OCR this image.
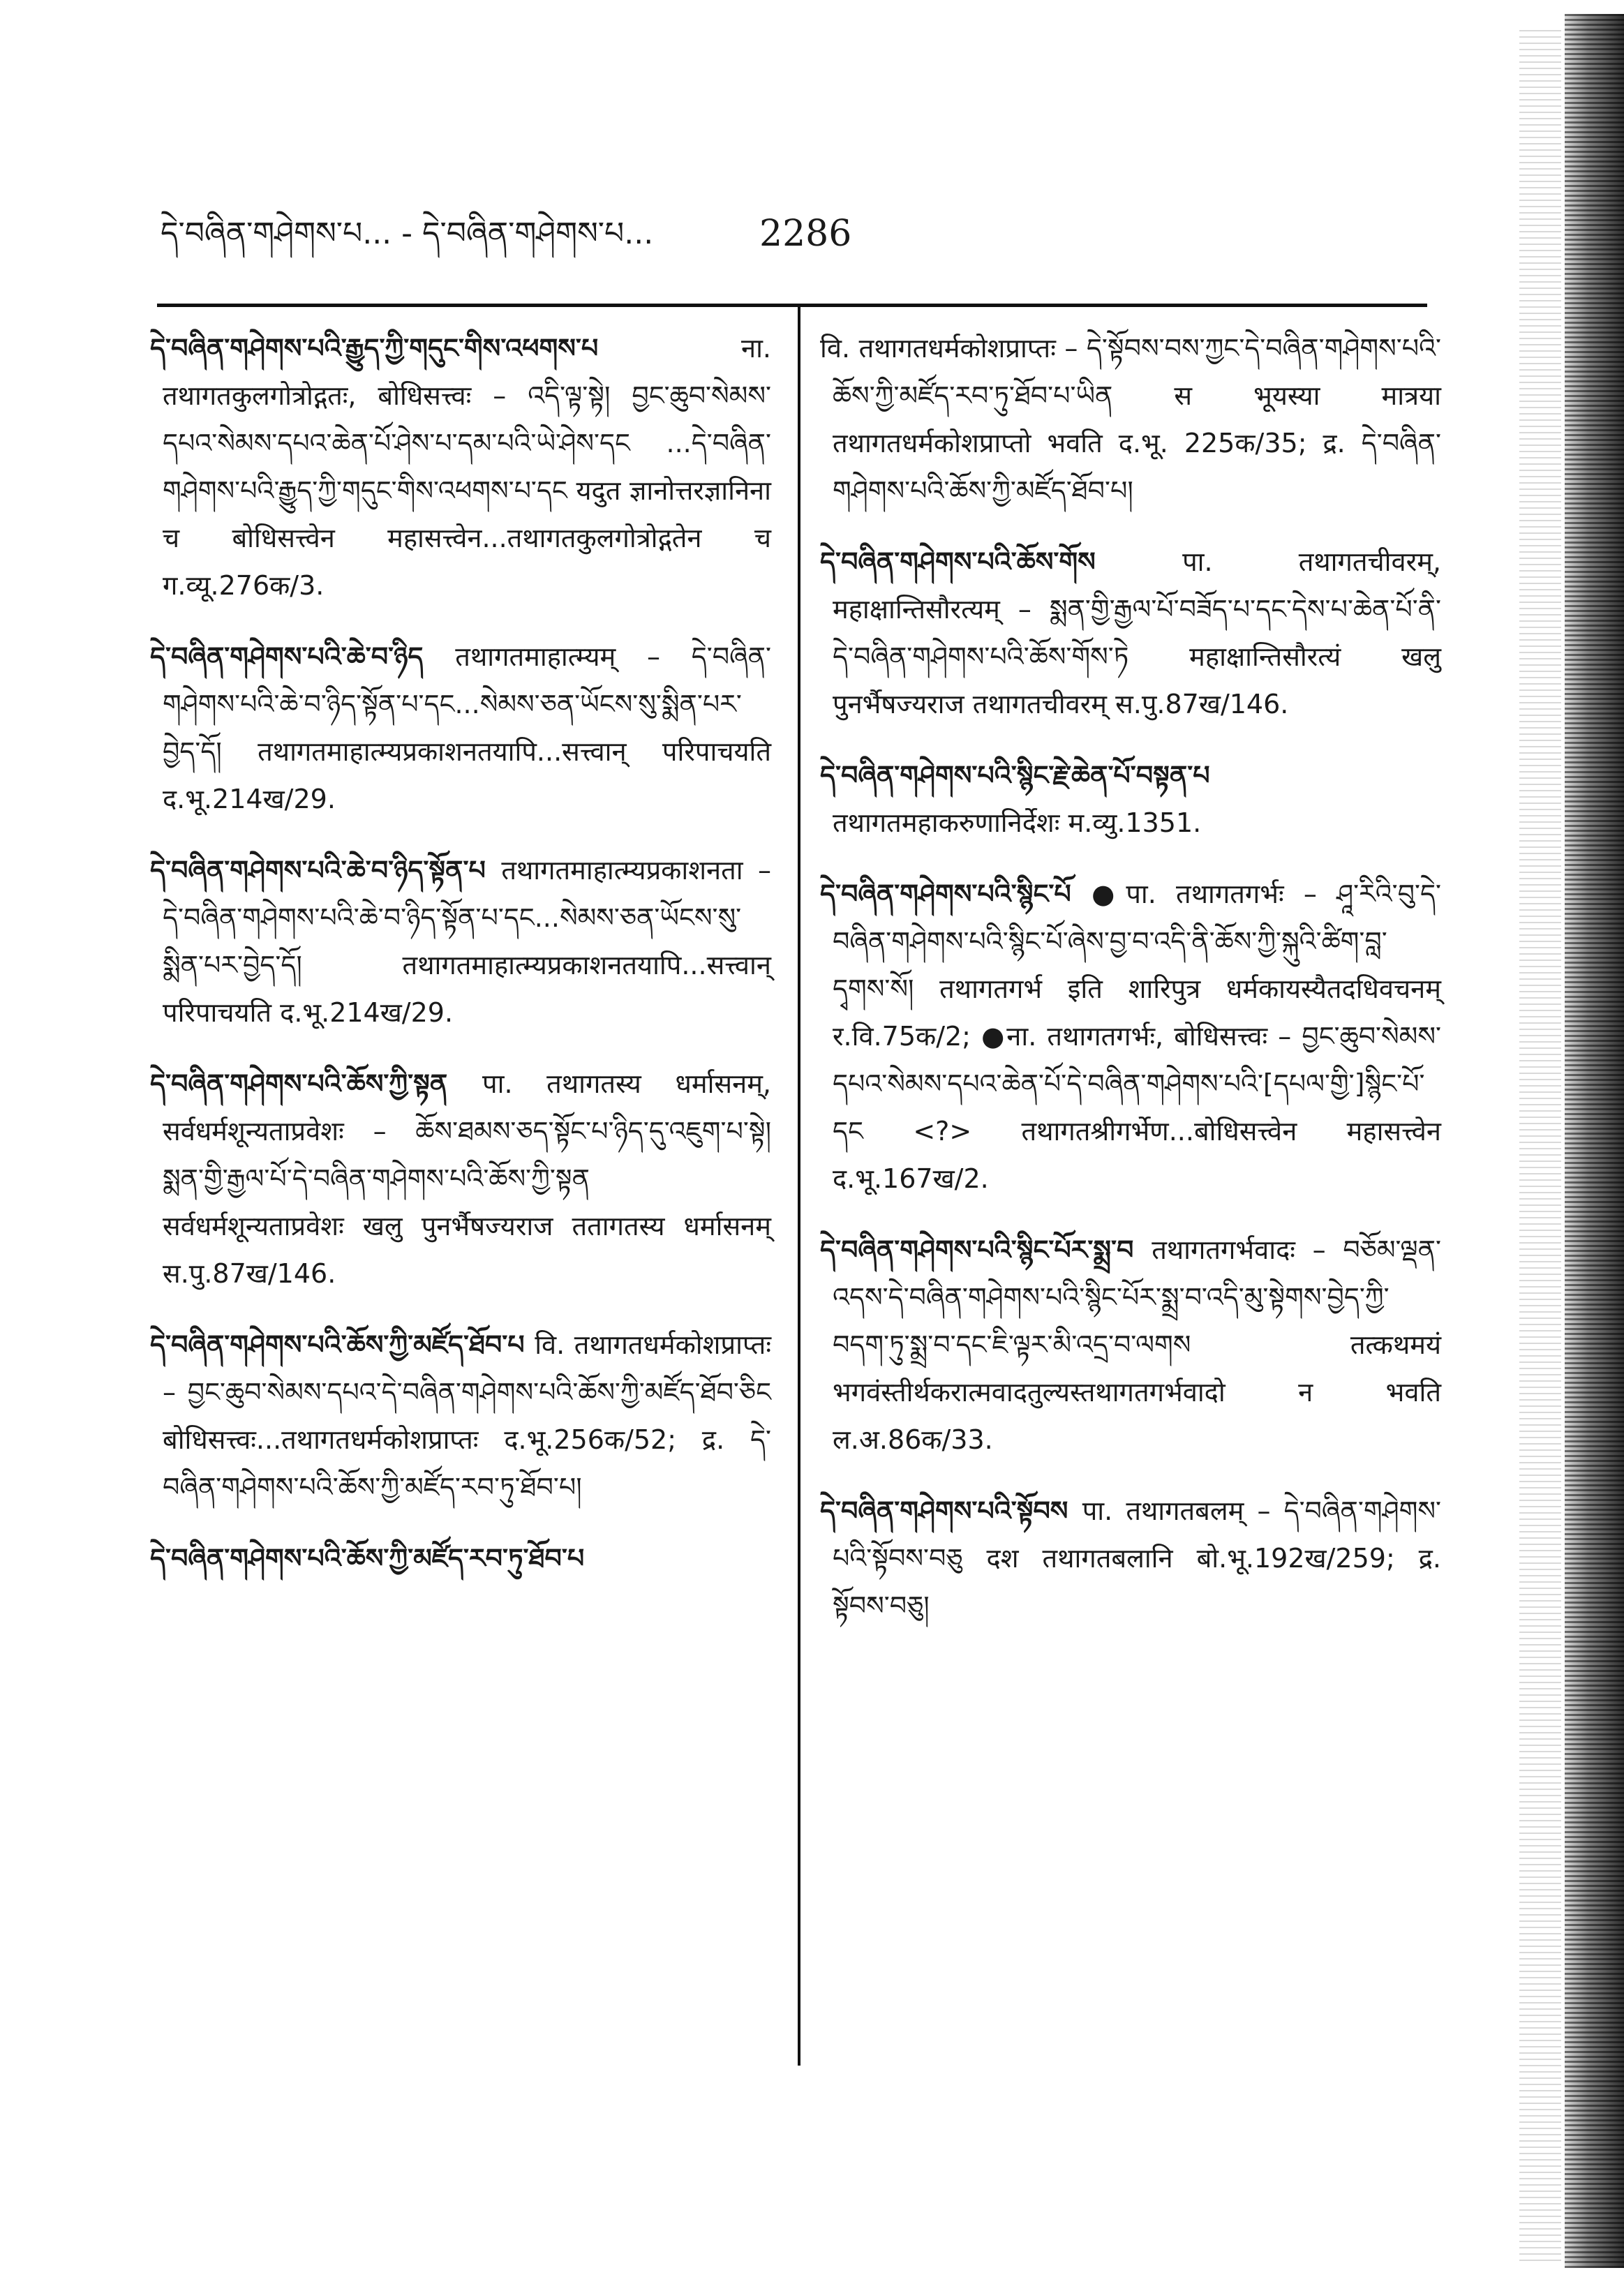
དེ་བཞིན་གཤེགས་པ... - དེ་བཞིན་གཤེགས་པ...	2286
དེ་བཞིན་གཤེགས་པའི་རྒྱུད་ཀྱི་གདུང་གིས་འཕགས་པ ना. तथागतकुलगोत्रोद्गतः, बोधिसत्त्वः – འདི་ལྟ་སྟེ། བྱང་ཆུབ་སེམས་དཔའ་སེམས་དཔའ་ཆེན་པོ་ཤེས་པ་དམ་པའི་ཡེ་ཤེས་དང ...དེ་བཞིན་གཤེགས་པའི་རྒྱུད་ཀྱི་གདུང་གིས་འཕགས་པ་དང यदुत ज्ञानोत्तरज्ञानिना च बोधिसत्त्वेन महासत्त्वेन...तथागतकुलगोत्रोद्गतेन च ग.व्यू.276क/3.
དེ་བཞིན་གཤེགས་པའི་ཆེ་བ་ཉིད तथागतमाहात्म्यम् – དེ་བཞིན་གཤེགས་པའི་ཆེ་བ་ཉིད་སྟོན་པ་དང...སེམས་ཅན་ཡོངས་སུ་སྨིན་པར་བྱེད་དོ། तथागतमाहात्म्यप्रकाशनतयापि...सत्त्वान् परिपाचयति द.भू.214ख/29.
དེ་བཞིན་གཤེགས་པའི་ཆེ་བ་ཉིད་སྟོན་པ तथागतमाहात्म्यप्रकाशनता – དེ་བཞིན་གཤེགས་པའི་ཆེ་བ་ཉིད་སྟོན་པ་དང...སེམས་ཅན་ཡོངས་སུ་སྨིན་པར་བྱེད་དོ། तथागतमाहात्म्यप्रकाशनतयापि...सत्त्वान् परिपाचयति द.भू.214ख/29.
དེ་བཞིན་གཤེགས་པའི་ཆོས་ཀྱི་སྟན पा. तथागतस्य धर्मासनम्, सर्वधर्मशून्यताप्रवेशः – ཆོས་ཐམས་ཅད་སྟོང་པ་ཉིད་དུ་འཇུག་པ་སྟེ། སྨན་གྱི་རྒྱལ་པོ་དེ་བཞིན་གཤེགས་པའི་ཆོས་ཀྱི་སྟན सर्वधर्मशून्यताप्रवेशः खलु पुनर्भैषज्यराज ततागतस्य धर्मासनम् स.पु.87ख/146.
དེ་བཞིན་གཤེགས་པའི་ཆོས་ཀྱི་མཛོད་ཐོབ་པ वि. तथागतधर्मकोशप्राप्तः – བྱང་ཆུབ་སེམས་དཔའ་དེ་བཞིན་གཤེགས་པའི་ཆོས་ཀྱི་མཛོད་ཐོབ་ཅིང बोधिसत्त्वः...तथागतधर्मकोशप्राप्तः द.भू.256क/52; द्र. དེ་བཞིན་གཤེགས་པའི་ཆོས་ཀྱི་མཛོད་རབ་ཏུ་ཐོབ་པ།
དེ་བཞིན་གཤེགས་པའི་ཆོས་ཀྱི་མཛོད་རབ་ཏུ་ཐོབ་པ
वि. तथागतधर्मकोशप्राप्तः – དེ་སྟོབས་བས་ཀྱང་དེ་བཞིན་གཤེགས་པའི་ཆོས་ཀྱི་མཛོད་རབ་ཏུ་ཐོབ་པ་ཡིན स भूयस्या मात्रया तथागतधर्मकोशप्राप्तो भवति द.भू. 225क/35; द्र. དེ་བཞིན་གཤེགས་པའི་ཆོས་ཀྱི་མཛོད་ཐོབ་པ།
དེ་བཞིན་གཤེགས་པའི་ཆོས་གོས पा. तथागतचीवरम्, महाक्षान्तिसौरत्यम् – སྨན་གྱི་རྒྱལ་པོ་བཟོད་པ་དང་དེས་པ་ཆེན་པོ་ནི་དེ་བཞིན་གཤེགས་པའི་ཆོས་གོས་ཏེ महाक्षान्तिसौरत्यं खलु पुनर्भैषज्यराज तथागतचीवरम् स.पु.87ख/146.
དེ་བཞིན་གཤེགས་པའི་སྙིང་རྗེ་ཆེན་པོ་བསྟན་པ तथागतमहाकरुणानिर्देशः म.व्यु.1351.
དེ་བཞིན་གཤེགས་པའི་སྙིང་པོ ●पा. तथागतगर्भः – ཤཱ་རིའི་བུ་དེ་བཞིན་གཤེགས་པའི་སྙིང་པོ་ཞེས་བྱ་བ་འདི་ནི་ཆོས་ཀྱི་སྐུའི་ཚིག་བླ་དྭགས་སོ། तथागतगर्भ इति शारिपुत्र धर्मकायस्यैतदधिवचनम् र.वि.75क/2; ●ना. तथागतगर्भः, बोधिसत्त्वः – བྱང་ཆུབ་སེམས་དཔའ་སེམས་དཔའ་ཆེན་པོ་དེ་བཞིན་གཤེགས་པའི་[དཔལ་གྱི་]སྙིང་པོ་དང <?> तथागतश्रीगर्भेण...बोधिसत्त्वेन महासत्त्वेन द.भू.167ख/2.
དེ་བཞིན་གཤེགས་པའི་སྙིང་པོར་སྨྲ་བ तथागतगर्भवादः – བཅོམ་ལྡན་འདས་དེ་བཞིན་གཤེགས་པའི་སྙིང་པོར་སྨྲ་བ་འདི་མུ་སྟེགས་བྱེད་ཀྱི་བདག་ཏུ་སྨྲ་བ་དང་ཇི་ལྟར་མི་འདྲ་བ་ལགས तत्कथमयं भगवंस्तीर्थकरात्मवादतुल्यस्तथागतगर्भवादो न भवति ल.अ.86क/33.
དེ་བཞིན་གཤེགས་པའི་སྟོབས पा. तथागतबलम् – དེ་བཞིན་གཤེགས་པའི་སྟོབས་བཅུ दश तथागतबलानि बो.भू.192ख/259; द्र. སྟོབས་བཅུ།
